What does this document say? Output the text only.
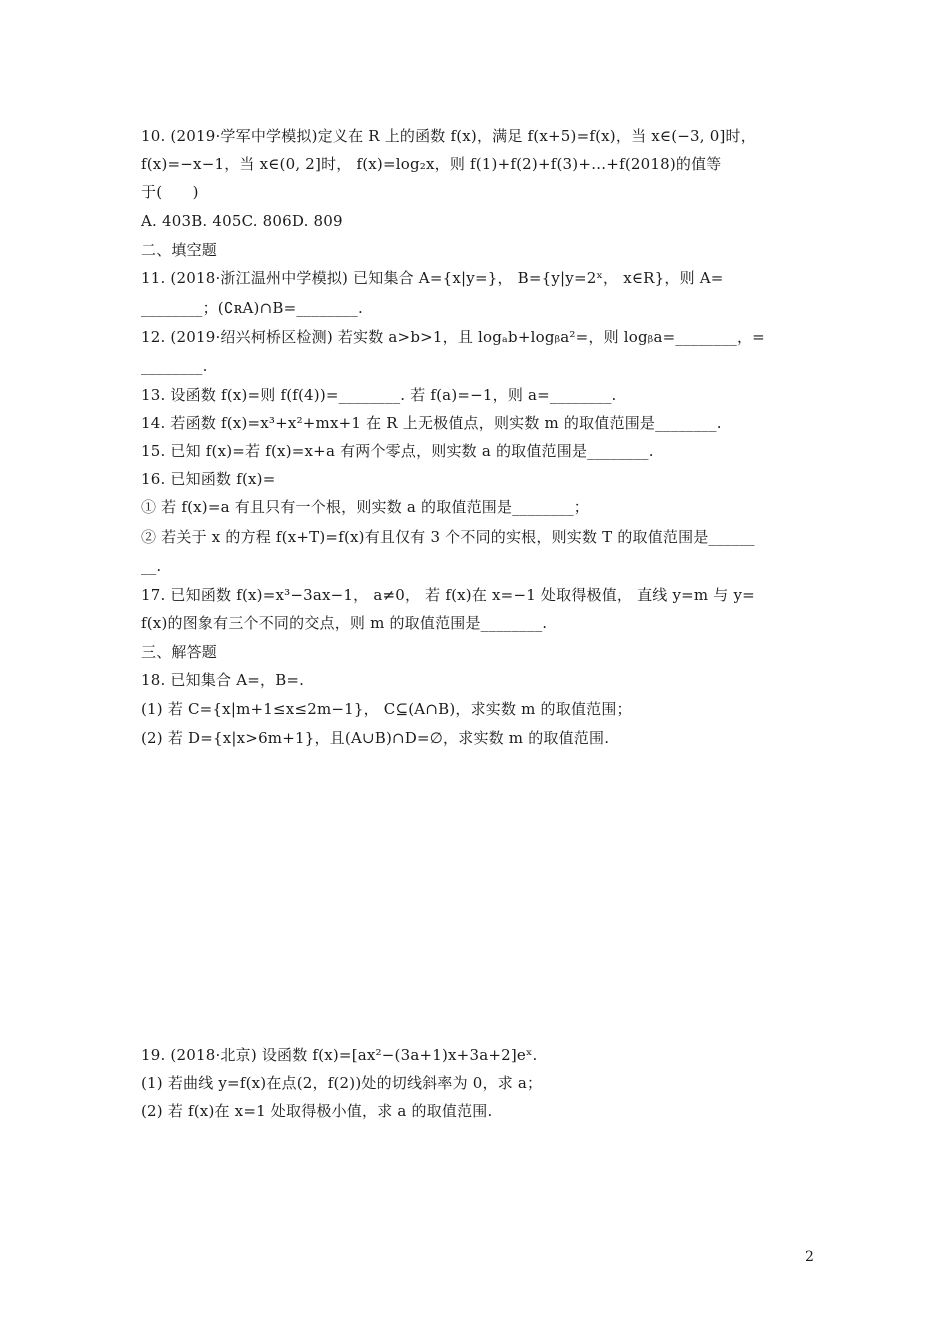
10. (2019·学军中学模拟)定义在 R 上的函数 f(x)，满足 f(x+5)=f(x)，当 x∈(−3, 0]时，
f(x)=−x−1，当 x∈(0, 2]时， f(x)=log₂x，则 f(1)+f(2)+f(3)+…+f(2018)的值等
于(　　)
A. 403B. 405C. 806D. 809
二、填空题
11. (2018·浙江温州中学模拟) 已知集合 A={x|y=}， B={y|y=2ˣ， x∈R}，则 A=
________；(∁ʀA)∩B=________.
12. (2019·绍兴柯桥区检测) 若实数 a>b>1，且 logₐb+logᵦa²=，则 logᵦa=________，=
________.
13. 设函数 f(x)=则 f(f(4))=________. 若 f(a)=−1，则 a=________.
14. 若函数 f(x)=x³+x²+mx+1 在 R 上无极值点，则实数 m 的取值范围是________.
15. 已知 f(x)=若 f(x)=x+a 有两个零点，则实数 a 的取值范围是________.
16. 已知函数 f(x)=
① 若 f(x)=a 有且只有一个根，则实数 a 的取值范围是________；
② 若关于 x 的方程 f(x+T)=f(x)有且仅有 3 个不同的实根，则实数 T 的取值范围是______
__.
17. 已知函数 f(x)=x³−3ax−1， a≠0， 若 f(x)在 x=−1 处取得极值， 直线 y=m 与 y=
f(x)的图象有三个不同的交点，则 m 的取值范围是________.
三、解答题
18. 已知集合 A=，B=.
(1) 若 C={x|m+1≤x≤2m−1}， C⊆(A∩B)，求实数 m 的取值范围；
(2) 若 D={x|x>6m+1}，且(A∪B)∩D=∅，求实数 m 的取值范围.
19. (2018·北京) 设函数 f(x)=[ax²−(3a+1)x+3a+2]eˣ.
(1) 若曲线 y=f(x)在点(2，f(2))处的切线斜率为 0，求 a；
(2) 若 f(x)在 x=1 处取得极小值，求 a 的取值范围.
2
